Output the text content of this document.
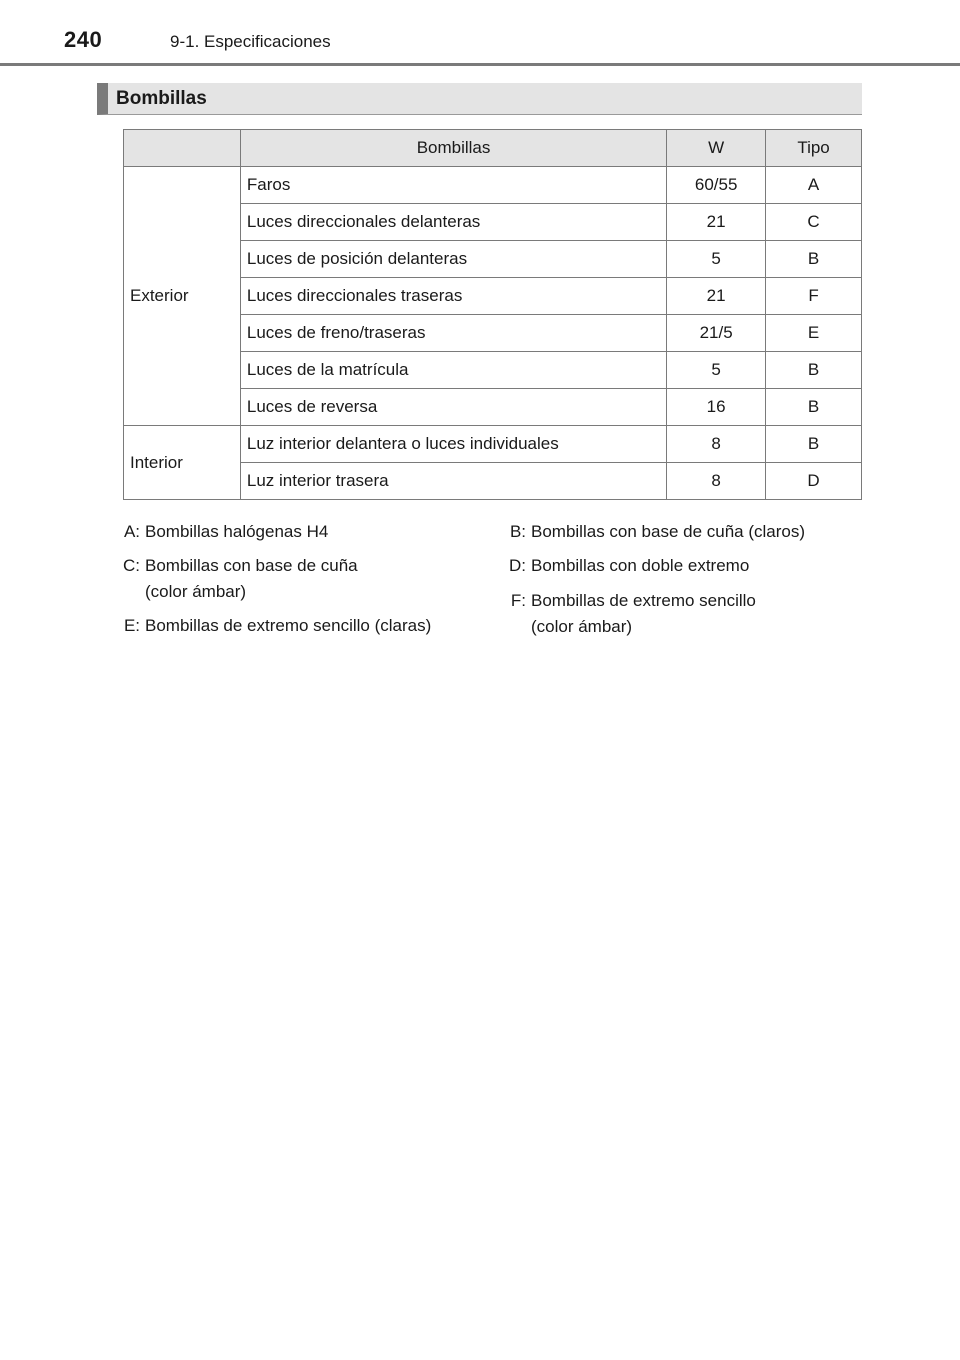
240	9-1. Especificaciones
Bombillas
	Bombillas	W	Tipo
Exterior	Faros	60/55	A
	Luces direccionales delanteras	21	C
	Luces de posición delanteras	5	B
	Luces direccionales traseras	21	F
	Luces de freno/traseras	21/5	E
	Luces de la matrícula	5	B
	Luces de reversa	16	B
Interior	Luz interior delantera o luces individuales	8	B
	Luz interior trasera	8	D
A: Bombillas halógenas H4	B: Bombillas con base de cuña (claros)
C: Bombillas con base de cuña
(color ámbar)
D: Bombillas con doble extremo
E: Bombillas de extremo sencillo (claras)
F: Bombillas de extremo sencillo
(color ámbar)
